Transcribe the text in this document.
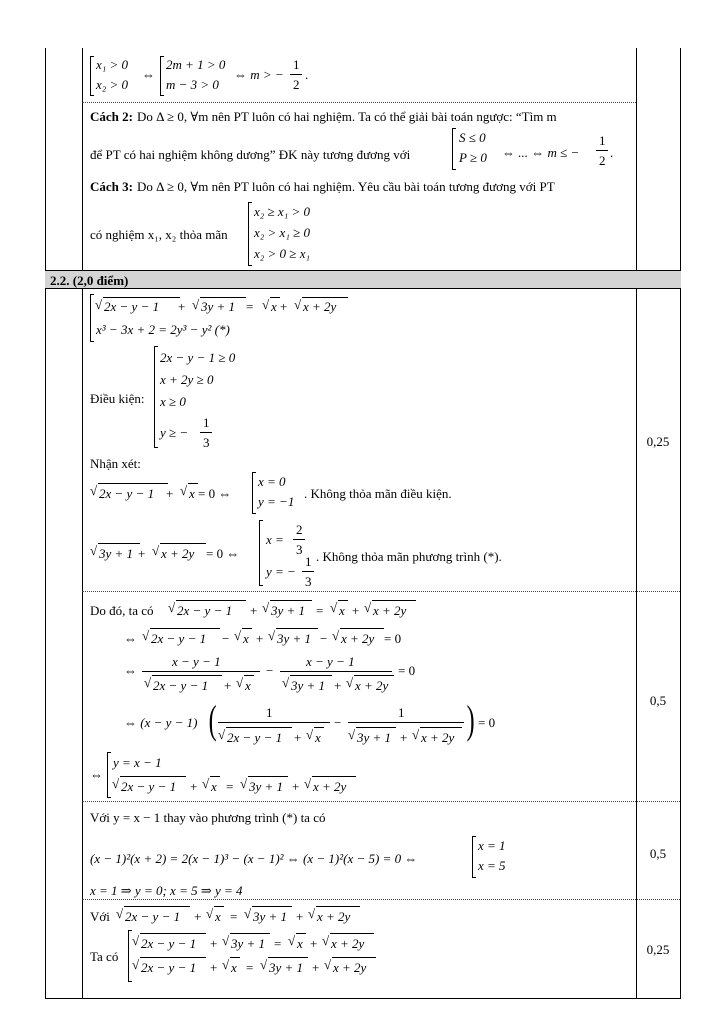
2.2. (2,0 điểm)
x₁ > 0
x₂ > 0
⇔
2m + 1 > 0
m − 3 > 0
⇔ m > −
1
2
.
Cách 2: Do Δ ≥ 0, ∀m nên PT luôn có hai nghiệm. Ta có thể giải bài toán ngược: “Tìm m
để PT có hai nghiệm không dương” ĐK này tương đương với
S ≤ 0
P ≥ 0 ⇔ ... ⇔ m ≤ −
1
2
.
Cách 3: Do Δ ≥ 0, ∀m nên PT luôn có hai nghiệm. Yêu cầu bài toán tương đương với PT
có nghiệm x₁, x₂ thỏa mãn
x₂ ≥ x₁ > 0
x₂ > x₁ ≥ 0
x₂ > 0 ≥ x₁
√ 2x − y − 1 + √ 3y + 1 = √ x + √ x + 2y
x³ − 3x + 2 = 2y³ − y² (*)
Điều kiện:
2x − y − 1 ≥ 0
x + 2y ≥ 0
x ≥ 0
y ≥ −
1
3
Nhận xét:
√ 2x − y − 1 + √ x = 0 ⇔
x = 0
y = −1
. Không thỏa mãn điều kiện.
√ 3y + 1 + √ x + 2y = 0 ⇔
x =
2
3
y = −
1
3
. Không thỏa mãn phương trình (*).
0,25
Do đó, ta có √ 2x − y − 1 + √ 3y + 1 = √ x + √ x + 2y
⇔ √ 2x − y − 1 − √ x + √ 3y + 1 − √ x + 2y = 0
⇔
x − y − 1
√ 2x − y − 1 + √ x
−
x − y − 1
√ 3y + 1 + √ x + 2y
= 0
⇔ (x − y − 1) (	1
√ 2x − y − 1 + √ x
−
1
√ 3y + 1 + √ x + 2y ) = 0
⇔
y = x − 1
√ 2x − y − 1 + √ x = √ 3y + 1 + √ x + 2y
0,5
Với y = x − 1 thay vào phương trình (*) ta có
(x − 1)²(x + 2) = 2(x − 1)³ − (x − 1)² ⇔ (x − 1)²(x − 5) = 0 ⇔
x = 1
x = 5
x = 1 ⇒ y = 0; x = 5 ⇒ y = 4
0,5
Với √ 2x − y − 1 + √ x = √ 3y + 1 + √ x + 2y
Ta có
√ 2x − y − 1 + √ 3y + 1 = √ x + √ x + 2y
√ 2x − y − 1 + √ x = √ 3y + 1 + √ x + 2y
0,25
